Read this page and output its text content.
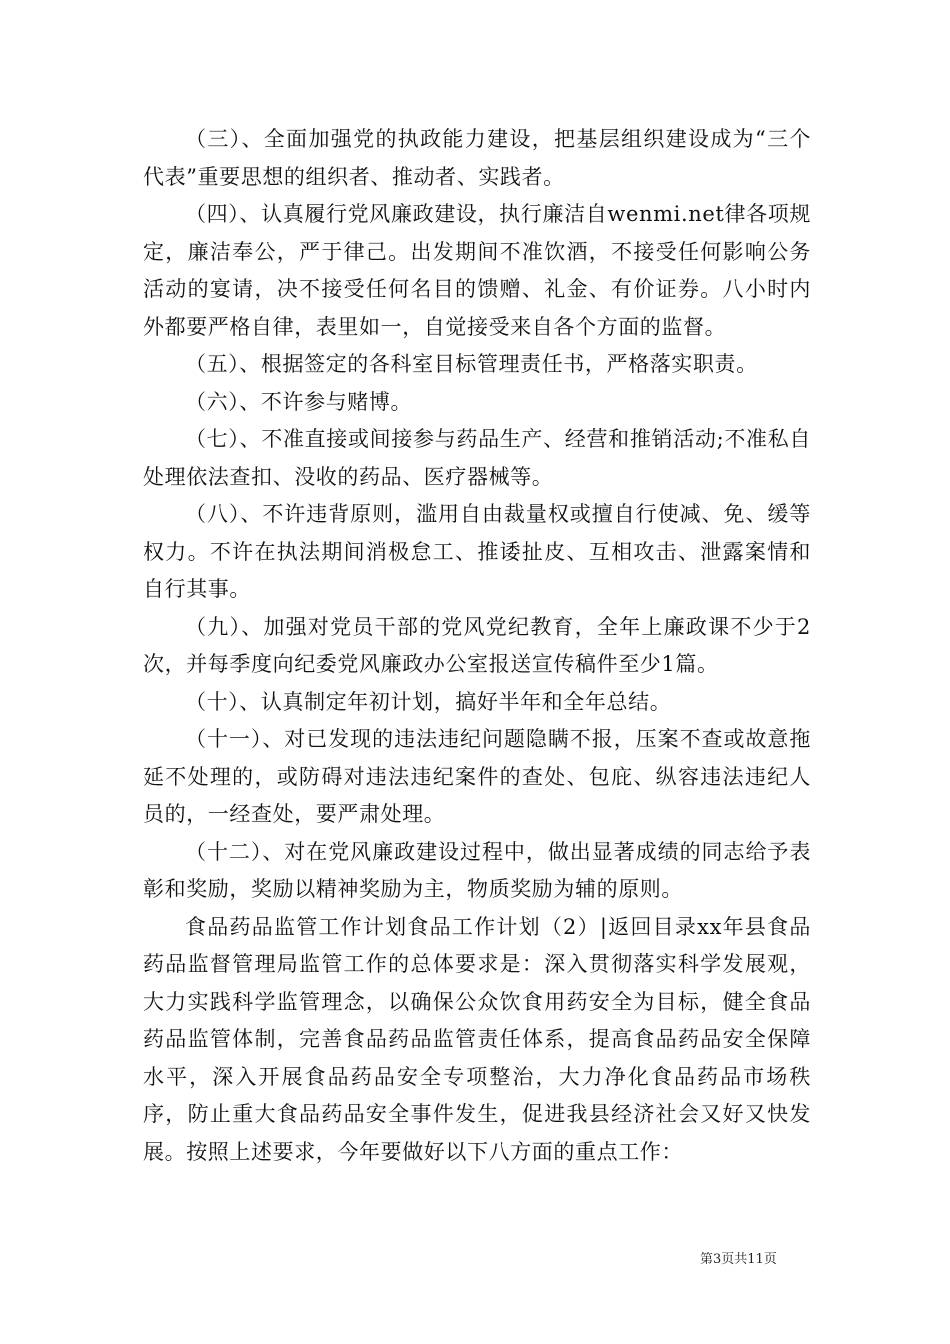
（三）、全面加强党的执政能力建设，把基层组织建设成为“三个代表”重要思想的组织者、推动者、实践者。

（四）、认真履行党风廉政建设，执行廉洁自wenmi.net律各项规定，廉洁奉公，严于律己。出发期间不准饮酒，不接受任何影响公务活动的宴请，决不接受任何名目的馈赠、礼金、有价证券。八小时内外都要严格自律，表里如一，自觉接受来自各个方面的监督。

（五）、根据签定的各科室目标管理责任书，严格落实职责。

（六）、不许参与赌博。

（七）、不准直接或间接参与药品生产、经营和推销活动;不准私自处理依法查扣、没收的药品、医疗器械等。

（八）、不许违背原则，滥用自由裁量权或擅自行使减、免、缓等权力。不许在执法期间消极怠工、推诿扯皮、互相攻击、泄露案情和自行其事。

（九）、加强对党员干部的党风党纪教育，全年上廉政课不少于2次，并每季度向纪委党风廉政办公室报送宣传稿件至少1篇。

（十）、认真制定年初计划，搞好半年和全年总结。

（十一）、对已发现的违法违纪问题隐瞒不报，压案不查或故意拖延不处理的，或防碍对违法违纪案件的查处、包庇、纵容违法违纪人员的，一经查处，要严肃处理。

（十二）、对在党风廉政建设过程中，做出显著成绩的同志给予表彰和奖励，奖励以精神奖励为主，物质奖励为辅的原则。

食品药品监管工作计划食品工作计划（2）|返回目录xx年县食品药品监督管理局监管工作的总体要求是：深入贯彻落实科学发展观，大力实践科学监管理念，以确保公众饮食用药安全为目标，健全食品药品监管体制，完善食品药品监管责任体系，提高食品药品安全保障水平，深入开展食品药品安全专项整治，大力净化食品药品市场秩序，防止重大食品药品安全事件发生，促进我县经济社会又好又快发展。按照上述要求，今年要做好以下八方面的重点工作：

第3页共11页
